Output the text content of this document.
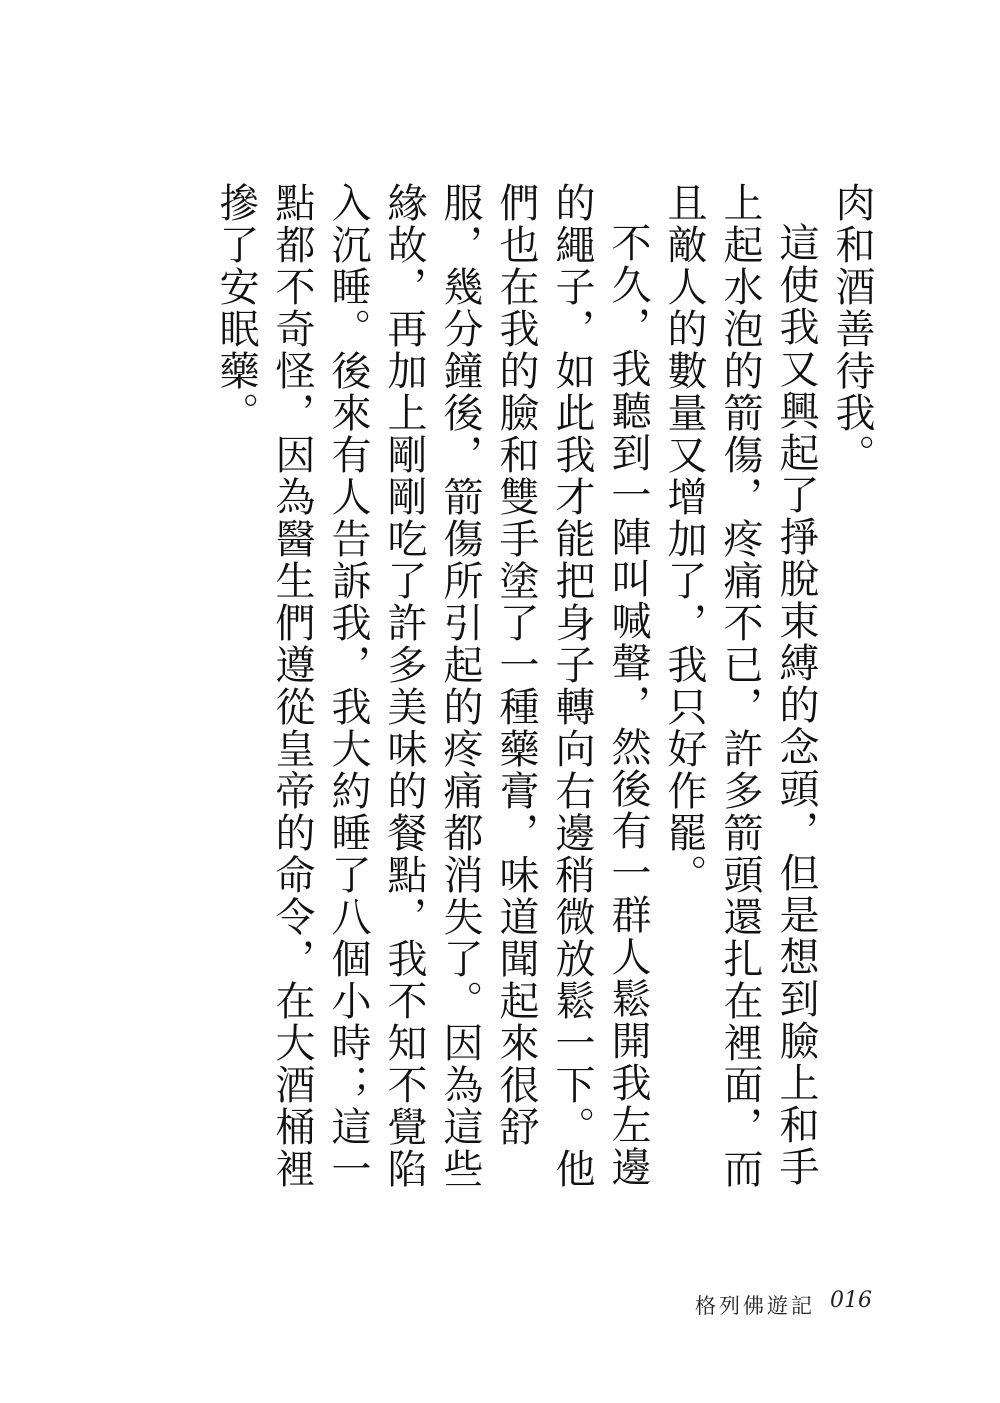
肉和酒善待我。

這使我又興起了掙脫束縛的念頭，但是想到臉上和手上起水泡的箭傷，疼痛不已，許多箭頭還扎在裡面，而且敵人的數量又增加了，我只好作罷。

不久，我聽到一陣叫喊聲，然後有一群人鬆開我左邊的繩子，如此我才能把身子轉向右邊稍微放鬆一下。他們也在我的臉和雙手塗了一種藥膏，味道聞起來很舒服，幾分鐘後，箭傷所引起的疼痛都消失了。因為這些緣故，再加上剛剛吃了許多美味的餐點，我不知不覺陷入沉睡。後來有人告訴我，我大約睡了八個小時；這一點都不奇怪，因為醫生們遵從皇帝的命令，在大酒桶裡摻了安眠藥。

格列佛遊記 016
